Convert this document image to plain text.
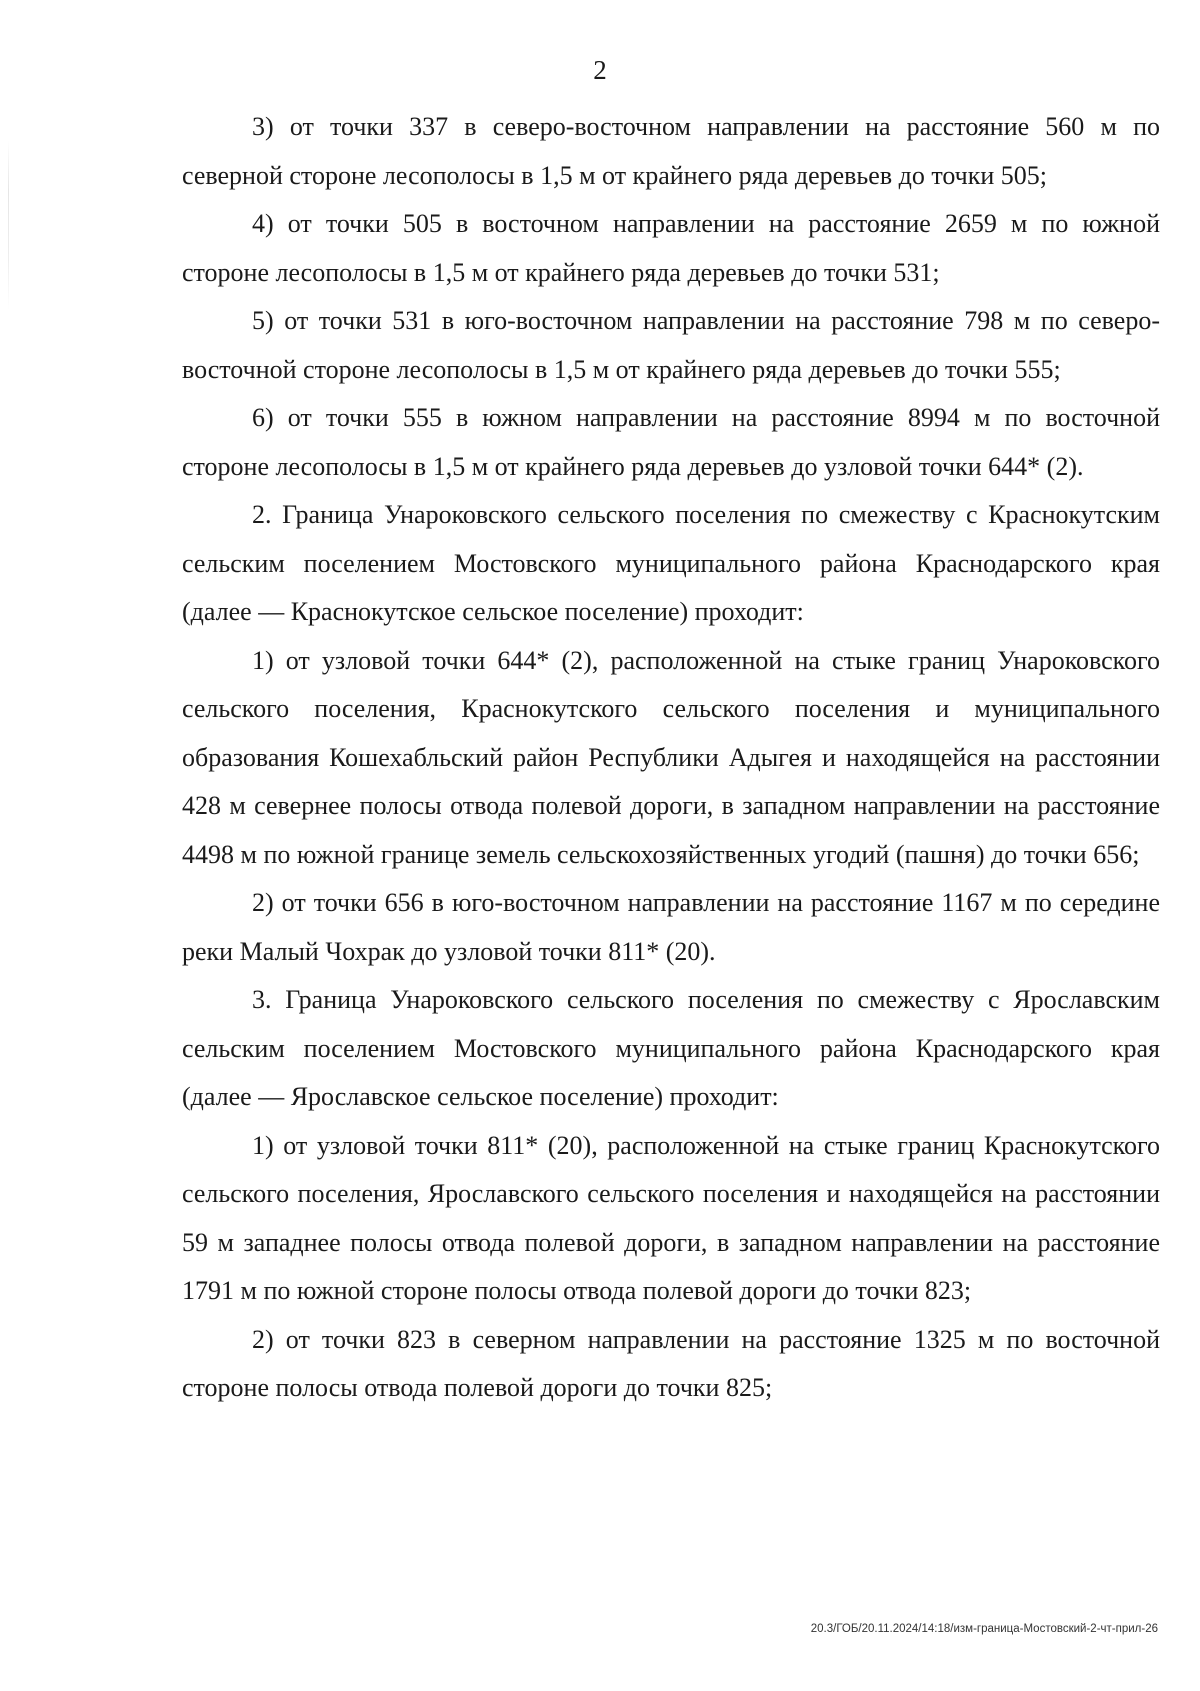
2

3) от точки 337 в северо-восточном направлении на расстояние 560 м по северной стороне лесополосы в 1,5 м от крайнего ряда деревьев до точки 505;

4) от точки 505 в восточном направлении на расстояние 2659 м по южной стороне лесополосы в 1,5 м от крайнего ряда деревьев до точки 531;

5) от точки 531 в юго-восточном направлении на расстояние 798 м по северо-восточной стороне лесополосы в 1,5 м от крайнего ряда деревьев до точки 555;

6) от точки 555 в южном направлении на расстояние 8994 м по восточной стороне лесополосы в 1,5 м от крайнего ряда деревьев до узловой точки 644* (2).

2. Граница Унароковского сельского поселения по смежеству с Краснокутским сельским поселением Мостовского муниципального района Краснодарского края (далее — Краснокутское сельское поселение) проходит:

1) от узловой точки 644* (2), расположенной на стыке границ Унароковского сельского поселения, Краснокутского сельского поселения и муниципального образования Кошехабльский район Республики Адыгея и находящейся на расстоянии 428 м севернее полосы отвода полевой дороги, в западном направлении на расстояние 4498 м по южной границе земель сельскохозяйственных угодий (пашня) до точки 656;

2) от точки 656 в юго-восточном направлении на расстояние 1167 м по середине реки Малый Чохрак до узловой точки 811* (20).

3. Граница Унароковского сельского поселения по смежеству с Ярославским сельским поселением Мостовского муниципального района Краснодарского края (далее — Ярославское сельское поселение) проходит:

1) от узловой точки 811* (20), расположенной на стыке границ Краснокутского сельского поселения, Ярославского сельского поселения и находящейся на расстоянии 59 м западнее полосы отвода полевой дороги, в западном направлении на расстояние 1791 м по южной стороне полосы отвода полевой дороги до точки 823;

2) от точки 823 в северном направлении на расстояние 1325 м по восточной стороне полосы отвода полевой дороги до точки 825;

20.3/ГОБ/20.11.2024/14:18/изм-граница-Мостовский-2-чт-прил-26
